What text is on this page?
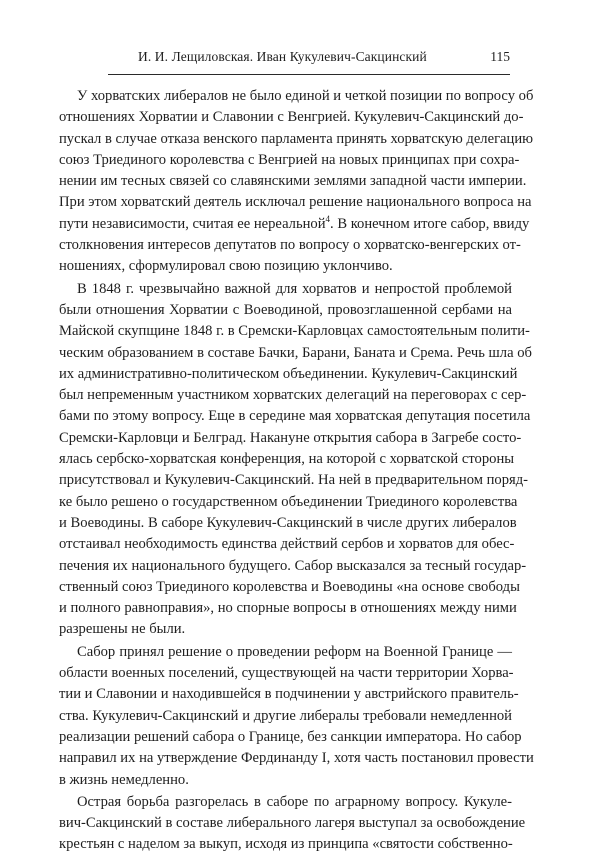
И. И. Лещиловская. Иван Кукулевич-Сакцинский	115
У хорватских либералов не было единой и четкой позиции по вопросу об
отношениях Хорватии и Славонии с Венгрией. Кукулевич-Сакцинский до-
пускал в случае отказа венского парламента принять хорватскую делегацию
союз Триединого королевства с Венгрией на новых принципах при сохра-
нении им тесных связей со славянскими землями западной части империи.
При этом хорватский деятель исключал решение национального вопроса на
пути независимости, считая ее нереальной$^4$. В конечном итоге сабор, ввиду
столкновения интересов депутатов по вопросу о хорватско-венгерских от-
ношениях, сформулировал свою позицию уклончиво.
В 1848 г. чрезвычайно важной для хорватов и непростой проблемой
были отношения Хорватии с Воеводиной, провозглашенной сербами на
Майской скупщине 1848 г. в Сремски-Карловцах самостоятельным полити-
ческим образованием в составе Бачки, Барани, Баната и Срема. Речь шла об
их административно-политическом объединении. Кукулевич-Сакцинский
был непременным участником хорватских делегаций на переговорах с сер-
бами по этому вопросу. Еще в середине мая хорватская депутация посетила
Сремски-Карловци и Белград. Накануне открытия сабора в Загребе состо-
ялась сербско-хорватская конференция, на которой с хорватской стороны
присутствовал и Кукулевич-Сакцинский. На ней в предварительном поряд-
ке было решено о государственном объединении Триединого королевства
и Воеводины. В саборе Кукулевич-Сакцинский в числе других либералов
отстаивал необходимость единства действий сербов и хорватов для обес-
печения их национального будущего. Сабор высказался за тесный государ-
ственный союз Триединого королевства и Воеводины «на основе свободы
и полного равноправия», но спорные вопросы в отношениях между ними
разрешены не были.
Сабор принял решение о проведении реформ на Военной Границе —
области военных поселений, существующей на части территории Хорва-
тии и Славонии и находившейся в подчинении у австрийского правитель-
ства. Кукулевич-Сакцинский и другие либералы требовали немедленной
реализации решений сабора о Границе, без санкции императора. Но сабор
направил их на утверждение Фердинанду I, хотя часть постановил провести
в жизнь немедленно.
Острая борьба разгорелась в саборе по аграрному вопросу. Кукуле-
вич-Сакцинский в составе либерального лагеря выступал за освобождение
крестьян с наделом за выкуп, исходя из принципа «святости собственно-
